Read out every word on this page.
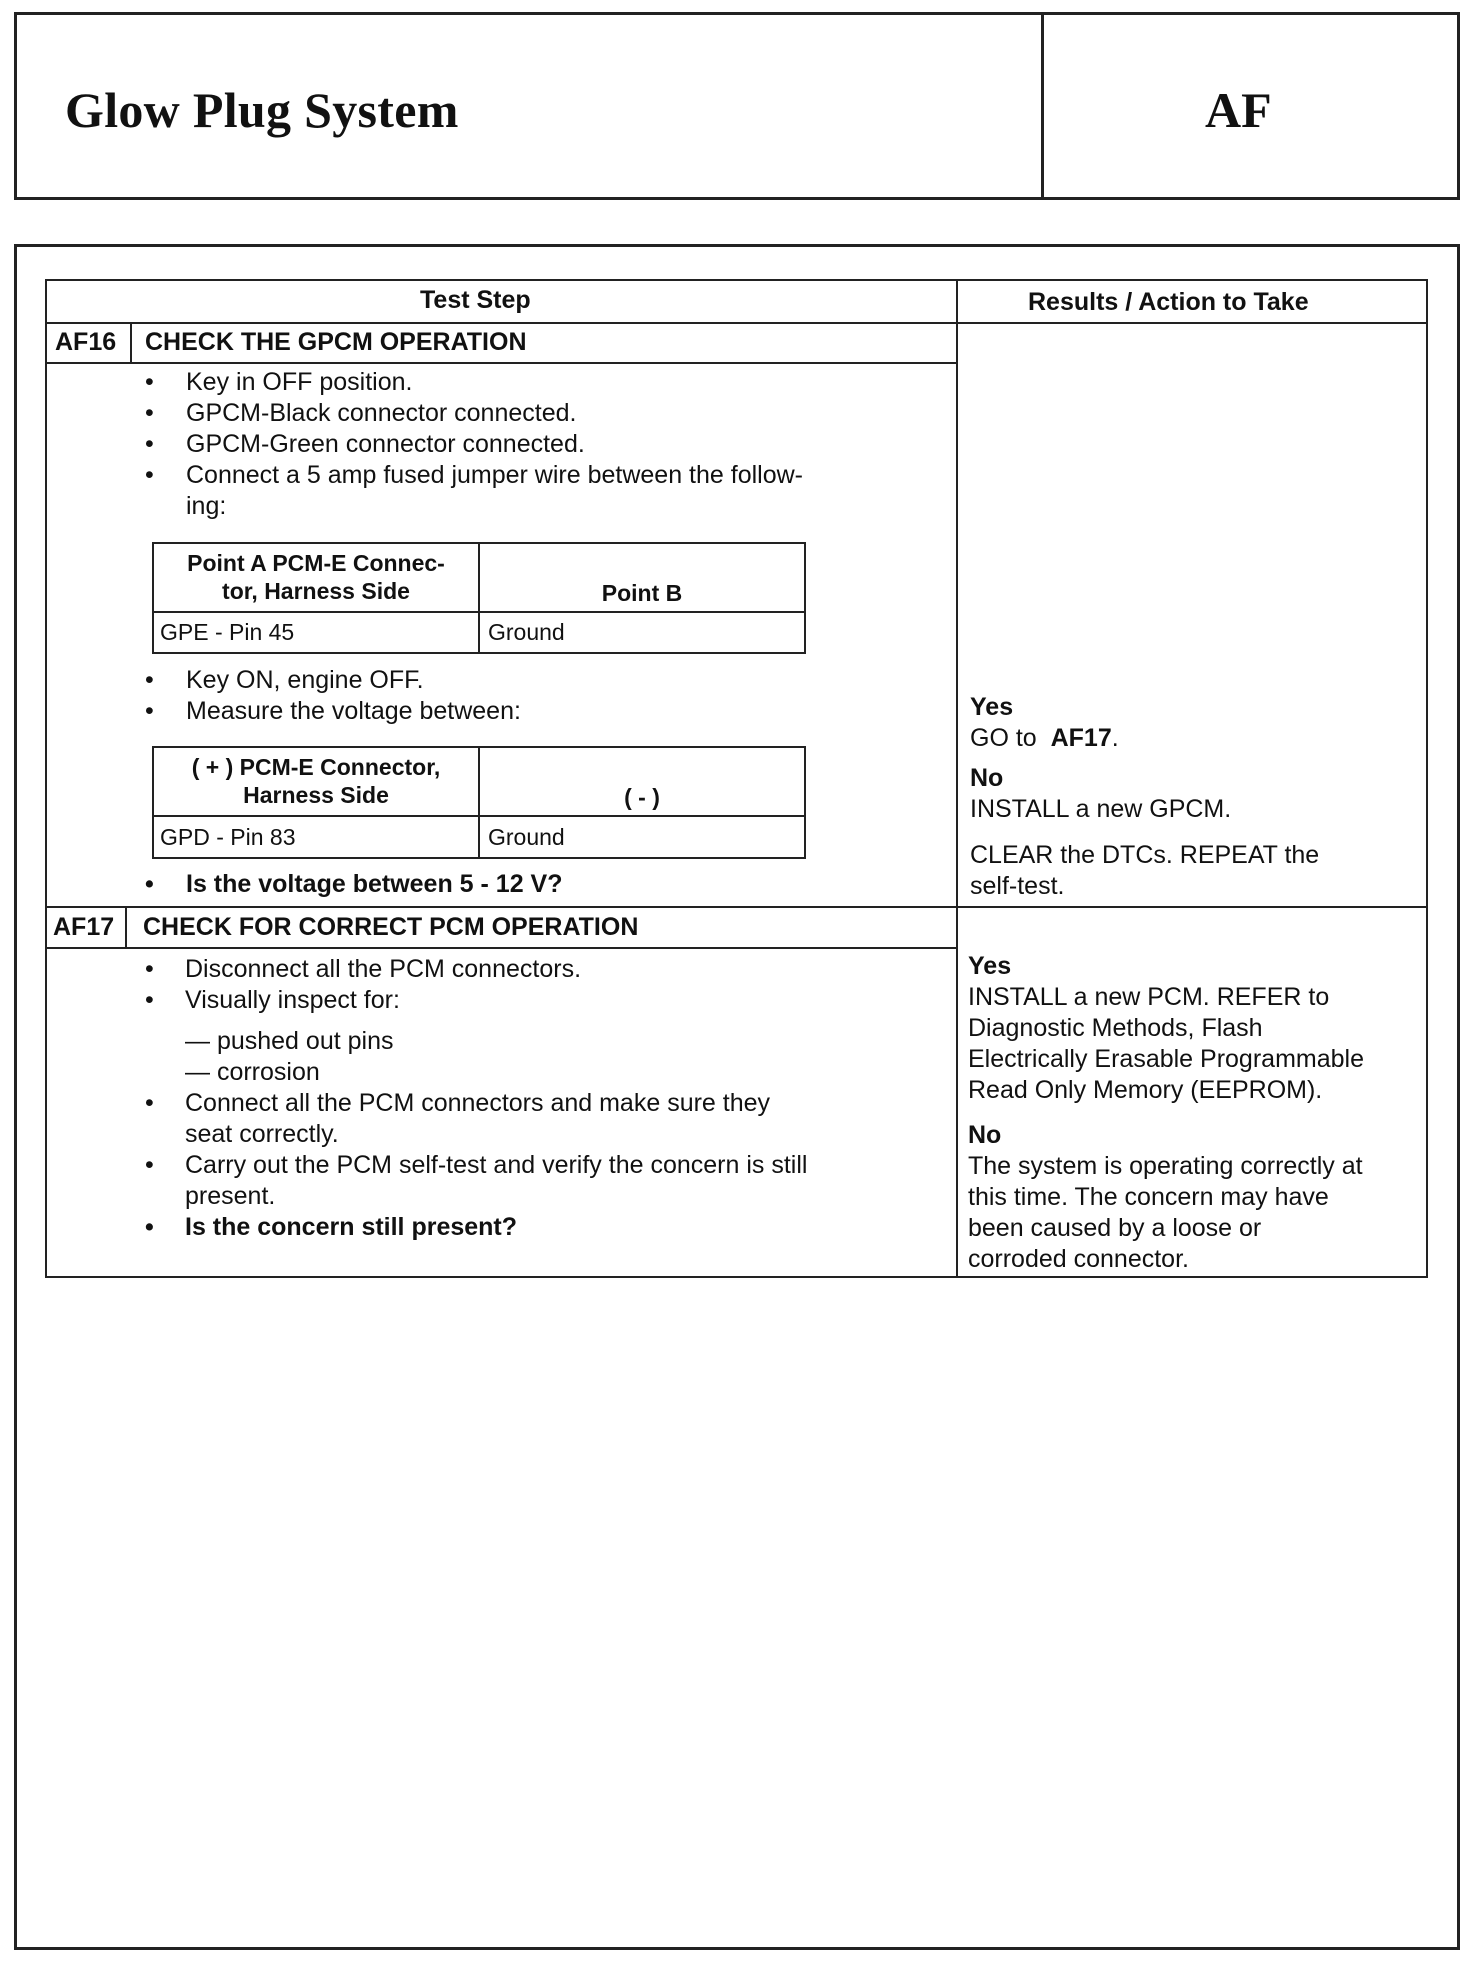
Glow Plug System	AF
Test Step	Results / Action to Take
AF16 CHECK THE GPCM OPERATION
• Key in OFF position.
• GPCM-Black connector connected.
• GPCM-Green connector connected.
• Connect a 5 amp fused jumper wire between the follow-
ing:
Point A PCM-E Connec-
tor, Harness Side	Point B
GPE - Pin 45	Ground
• Key ON, engine OFF.
• Measure the voltage between:
( + ) PCM-E Connector,
Harness Side	( - )
GPD - Pin 83	Ground
• Is the voltage between 5 - 12 V?
Yes
GO to AF17.
No
INSTALL a new GPCM.
CLEAR the DTCs. REPEAT the
self-test.
AF17 CHECK FOR CORRECT PCM OPERATION
• Disconnect all the PCM connectors.
• Visually inspect for:
— pushed out pins
— corrosion
• Connect all the PCM connectors and make sure they
seat correctly.
• Carry out the PCM self-test and verify the concern is still
present.
• Is the concern still present?
Yes
INSTALL a new PCM. REFER to
Diagnostic Methods, Flash
Electrically Erasable Programmable
Read Only Memory (EEPROM).
No
The system is operating correctly at
this time. The concern may have
been caused by a loose or
corroded connector.
